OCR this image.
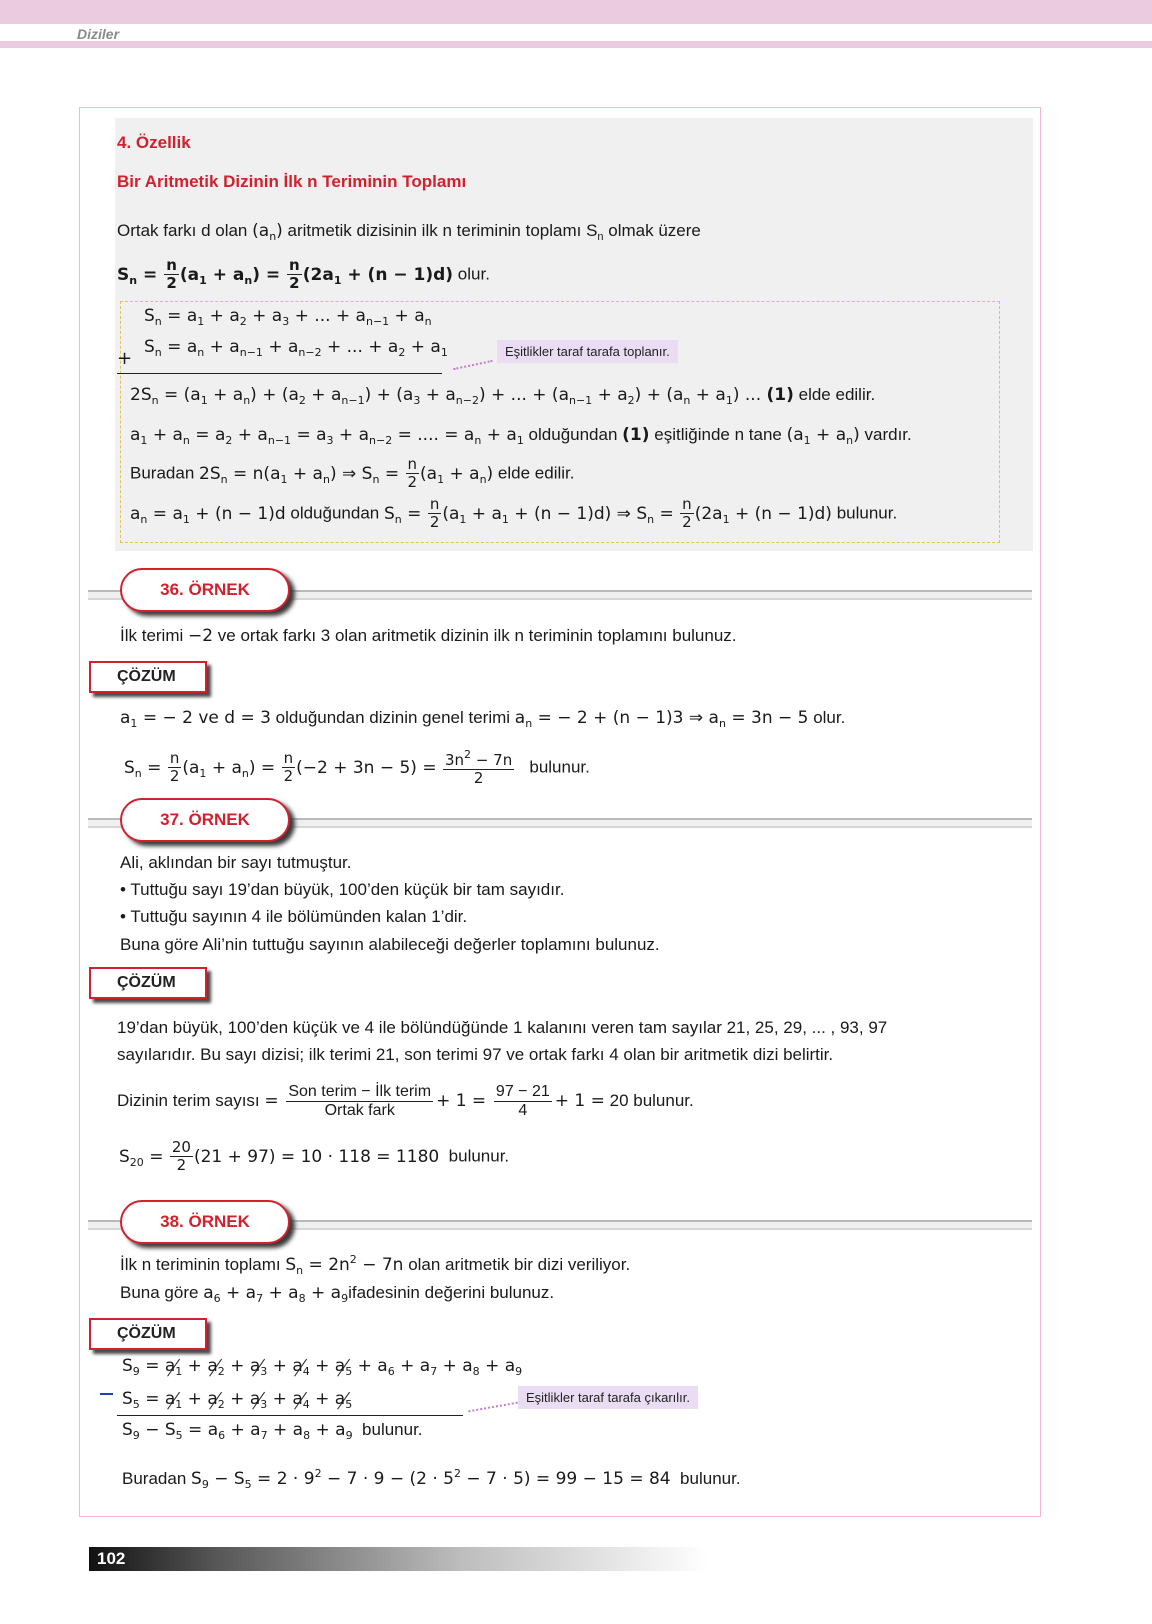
Diziler
4. Özellik
Bir Aritmetik Dizinin İlk n Teriminin Toplamı
Ortak farkı d olan $(a_n)$ aritmetik dizisinin ilk n teriminin toplamı $S_n$ olmak üzere
$S_n = \frac{n}{2} (a_1 + a_n) = \frac{n}{2} (2a_1 + (n - 1)d)$ olur.
$S_n = a_1 + a_2 + a_3$ + ... + $a_{n-1} + a_n$
$S_n = a_n + a_{n-1} + a_{n-2}$ + ... + $a_2 + a_1$
+	Eşitlikler taraf tarafa toplanır.
$2S_n = (a_1 + a_n) + (a_2 + a_{n-1}) + (a_3 + a_{n-2})$ + ... + $(a_{n-1} + a_2) + (a_n + a_1)$ ... (1) elde edilir.
$a_1 + a_n = a_2 + a_{n-1} = a_3 + a_{n-2}$ = .... = $a_n + a_1$ olduğundan (1) eşitliğinde n tane $(a_1 + a_n)$ vardır.
Buradan $2S_n = n(a_1 + a_n)$ ⇒ $S_n = \frac{n}{2} (a_1 + a_n)$ elde edilir.
$a_n = a_1 + (n - 1)d$ olduğundan $S_n = \frac{n}{2} (a_1 + a_1 + (n - 1)d)$ ⇒ $S_n = \frac{n}{2} (2a_1 + (n - 1)d)$ bulunur.
36. ÖRNEK
İlk terimi −2 ve ortak farkı 3 olan aritmetik dizinin ilk n teriminin toplamını bulunuz.
ÇÖZÜM
$a_1$ = − 2 ve d = 3 olduğundan dizinin genel terimi $a_n$ = − 2 + (n − 1)3 ⇒ $a_n = 3n - 5$ olur.
$S_n = \frac{n}{2} (a_1 + a_n) = \frac{n}{2} (-2 + 3n - 5) = \frac{3n^2 - 7n}{2}$ bulunur.
37. ÖRNEK
Ali, aklından bir sayı tutmuştur.
• Tuttuğu sayı 19’dan büyük, 100’den küçük bir tam sayıdır.
• Tuttuğu sayının 4 ile bölümünden kalan 1’dir.
Buna göre Ali’nin tuttuğu sayının alabileceği değerler toplamını bulunuz.
ÇÖZÜM
19’dan büyük, 100’den küçük ve 4 ile bölündüğünde 1 kalanını veren tam sayılar 21, 25, 29, ... , 93, 97
sayılarıdır. Bu sayı dizisi; ilk terimi 21, son terimi 97 ve ortak farkı 4 olan bir aritmetik dizi belirtir.
Dizinin terim sayısı = $\frac{\text{Son terim − İlk terim}}{\text{Ortak fark}} + 1 = \frac{97 - 21}{4} + 1 = 20$ bulunur.
$S_{20} = \frac{20}{2} (21 + 97) = 10 \cdot 118 = 1180$ bulunur.
38. ÖRNEK
İlk n teriminin toplamı $S_n = 2n^2 - 7n$ olan aritmetik bir dizi veriliyor.
Buna göre $a_6 + a_7 + a_8$ + $a_9ifadesinin$ değerini bulunuz.
ÇÖZÜM
$S_9 = a_1 + a_2 + a_3 + a_4 + a_5 + a_6 + a_7 + a_8 + a_9$
$S_5 = a_1 + a_2 + a_3 + a_4 + a_5$	Eşitlikler taraf tarafa çıkarılır.
$S_9 - S_5 = a_6 + a_7 + a_8 + a_9$ bulunur.
Buradan $S_9 - S_5 = 2 \cdot 9^2 - 7 \cdot 9 - (2 \cdot 5^2 - 7 \cdot 5) = 99 - 15 = 84$ bulunur.
102
